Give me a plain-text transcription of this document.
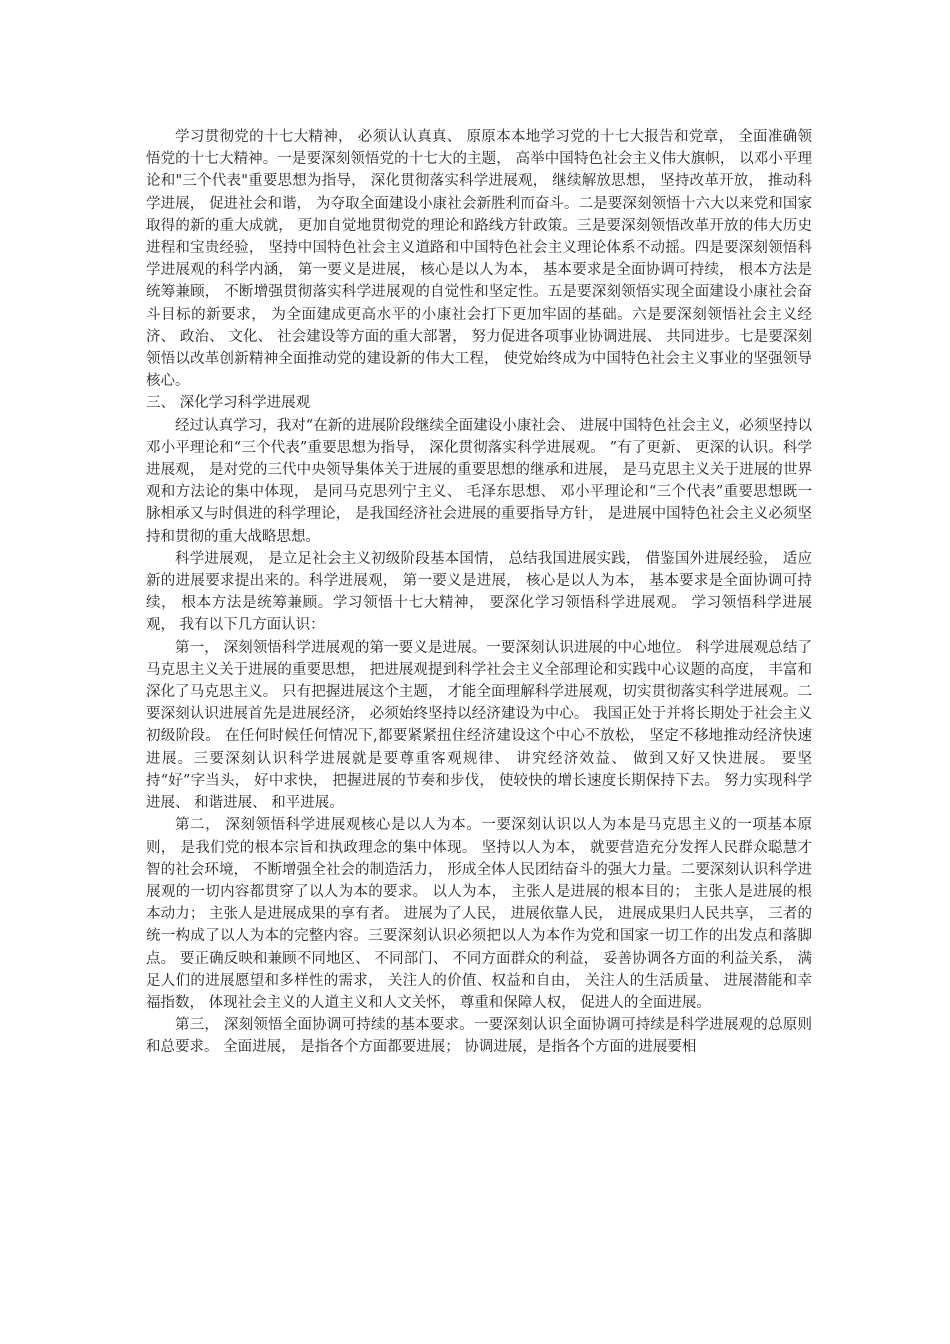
学习贯彻党的十七大精神， 必须认认真真、 原原本本地学习党的十七大报告和党章， 全面准确领悟党的十七大精神。一是要深刻领悟党的十七大的主题， 高举中国特色社会主义伟大旗帜， 以邓小平理论和"三个代表"重要思想为指导， 深化贯彻落实科学进展观， 继续解放思想， 坚持改革开放， 推动科学进展， 促进社会和谐， 为夺取全面建设小康社会新胜利而奋斗。二是要深刻领悟十六大以来党和国家取得的新的重大成就， 更加自觉地贯彻党的理论和路线方针政策。三是要深刻领悟改革开放的伟大历史进程和宝贵经验， 坚持中国特色社会主义道路和中国特色社会主义理论体系不动摇。四是要深刻领悟科学进展观的科学内涵， 第一要义是进展， 核心是以人为本， 基本要求是全面协调可持续， 根本方法是统筹兼顾， 不断增强贯彻落实科学进展观的自觉性和坚定性。五是要深刻领悟实现全面建设小康社会奋斗目标的新要求， 为全面建成更高水平的小康社会打下更加牢固的基础。六是要深刻领悟社会主义经济、 政治、 文化、 社会建设等方面的重大部署， 努力促进各项事业协调进展、 共同进步。七是要深刻领悟以改革创新精神全面推动党的建设新的伟大工程， 使党始终成为中国特色社会主义事业的坚强领导核心。

三、 深化学习科学进展观

经过认真学习，我对“在新的进展阶段继续全面建设小康社会、 进展中国特色社会主义，必须坚持以邓小平理论和“三个代表”重要思想为指导， 深化贯彻落实科学进展观。 ”有了更新、 更深的认识。科学进展观， 是对党的三代中央领导集体关于进展的重要思想的继承和进展， 是马克思主义关于进展的世界观和方法论的集中体现， 是同马克思列宁主义、 毛泽东思想、 邓小平理论和“三个代表”重要思想既一脉相承又与时俱进的科学理论， 是我国经济社会进展的重要指导方针， 是进展中国特色社会主义必须坚持和贯彻的重大战略思想。

科学进展观， 是立足社会主义初级阶段基本国情， 总结我国进展实践， 借鉴国外进展经验， 适应新的进展要求提出来的。科学进展观， 第一要义是进展， 核心是以人为本， 基本要求是全面协调可持续， 根本方法是统筹兼顾。学习领悟十七大精神， 要深化学习领悟科学进展观。 学习领悟科学进展观， 我有以下几方面认识：

第一， 深刻领悟科学进展观的第一要义是进展。一要深刻认识进展的中心地位。 科学进展观总结了马克思主义关于进展的重要思想， 把进展观提到科学社会主义全部理论和实践中心议题的高度， 丰富和深化了马克思主义。 只有把握进展这个主题， 才能全面理解科学进展观，切实贯彻落实科学进展观。二要深刻认识进展首先是进展经济， 必须始终坚持以经济建设为中心。 我国正处于并将长期处于社会主义初级阶段。 在任何时候任何情况下,都要紧紧扭住经济建设这个中心不放松， 坚定不移地推动经济快速进展。三要深刻认识科学进展就是要尊重客观规律、 讲究经济效益、 做到又好又快进展。 要坚持“好”字当头， 好中求快， 把握进展的节奏和步伐， 使较快的增长速度长期保持下去。 努力实现科学进展、 和谐进展、 和平进展。

第二， 深刻领悟科学进展观核心是以人为本。一要深刻认识以人为本是马克思主义的一项基本原则， 是我们党的根本宗旨和执政理念的集中体现。 坚持以人为本， 就要营造充分发挥人民群众聪慧才智的社会环境， 不断增强全社会的制造活力， 形成全体人民团结奋斗的强大力量。二要深刻认识科学进展观的一切内容都贯穿了以人为本的要求。 以人为本， 主张人是进展的根本目的； 主张人是进展的根本动力； 主张人是进展成果的享有者。 进展为了人民， 进展依靠人民， 进展成果归人民共享， 三者的统一构成了以人为本的完整内容。三要深刻认识必须把以人为本作为党和国家一切工作的出发点和落脚点。 要正确反映和兼顾不同地区、 不同部门、 不同方面群众的利益， 妥善协调各方面的利益关系， 满足人们的进展愿望和多样性的需求， 关注人的价值、权益和自由， 关注人的生活质量、 进展潜能和幸福指数， 体现社会主义的人道主义和人文关怀， 尊重和保障人权， 促进人的全面进展。

第三， 深刻领悟全面协调可持续的基本要求。一要深刻认识全面协调可持续是科学进展观的总原则和总要求。 全面进展， 是指各个方面都要进展； 协调进展，是指各个方面的进展要相
